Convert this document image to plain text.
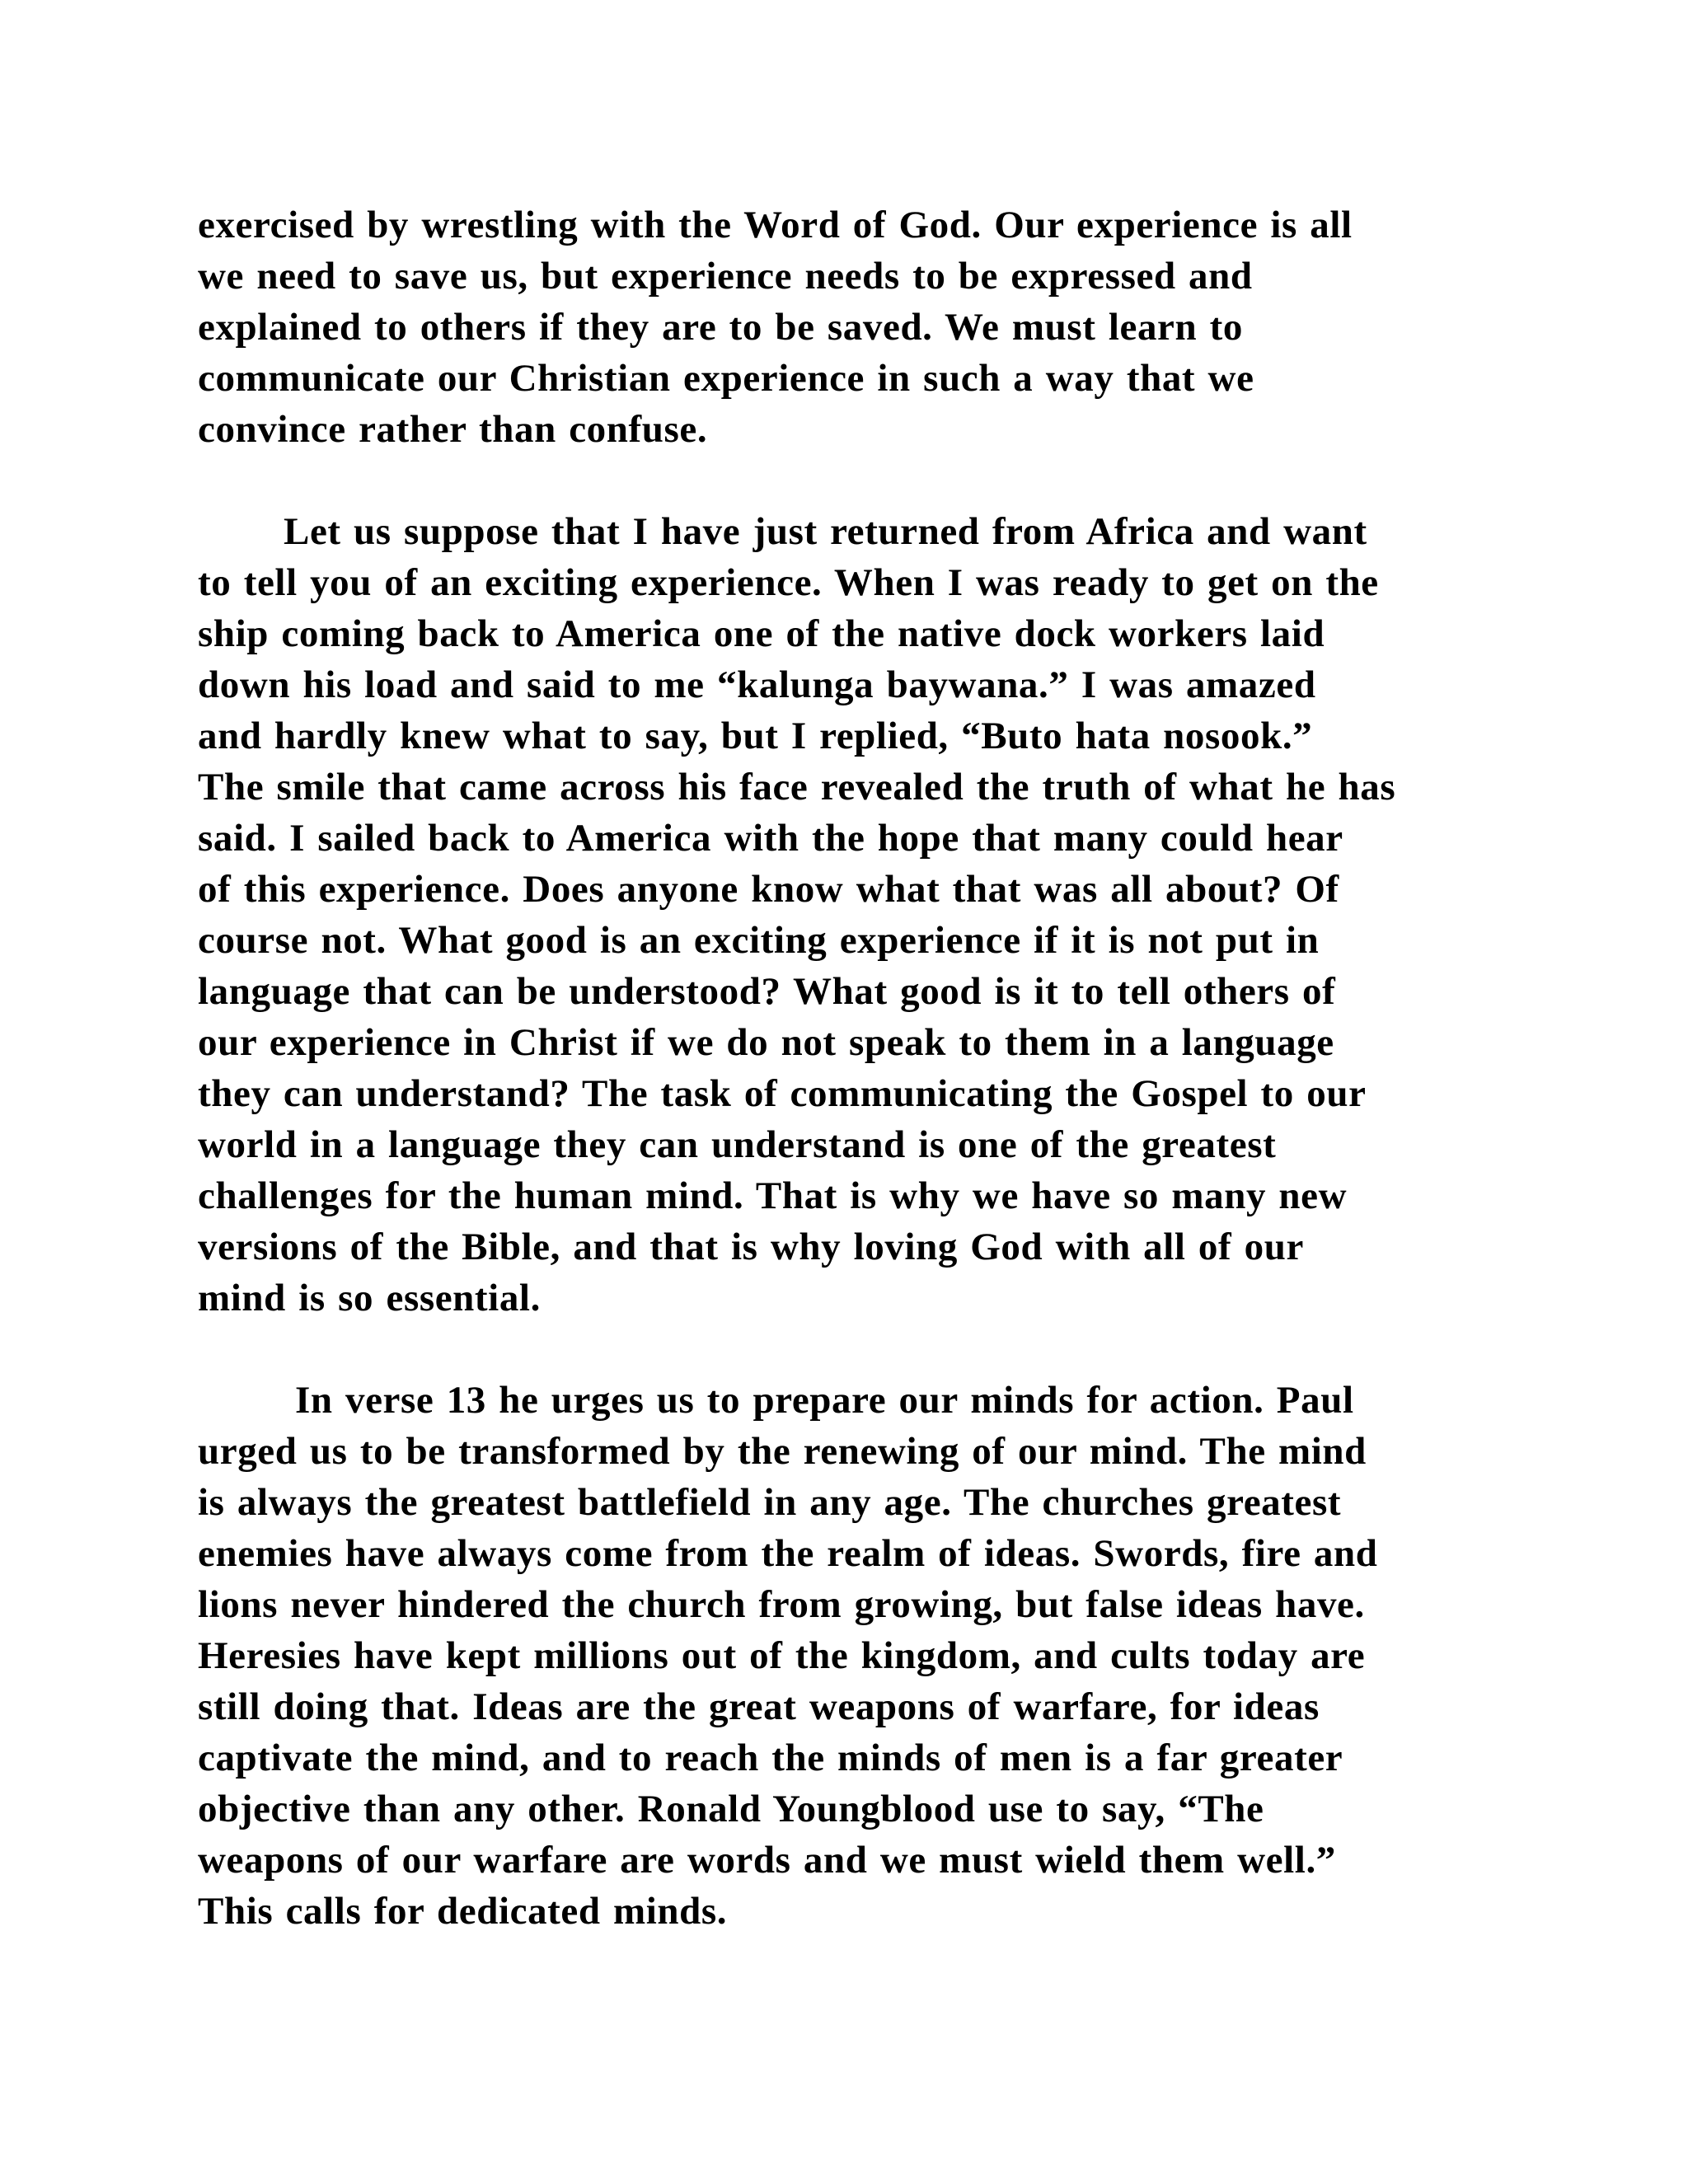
exercised by wrestling with the Word of God. Our experience is all
we need to save us, but experience needs to be expressed and
explained to others if they are to be saved. We must learn to
communicate our Christian experience in such a way that we
convince rather than confuse.

Let us suppose that I have just returned from Africa and want
to tell you of an exciting experience. When I was ready to get on the
ship coming back to America one of the native dock workers laid
down his load and said to me “kalunga baywana.” I was amazed
and hardly knew what to say, but I replied, “Buto hata nosook.”
The smile that came across his face revealed the truth of what he has
said. I sailed back to America with the hope that many could hear
of this experience. Does anyone know what that was all about? Of
course not. What good is an exciting experience if it is not put in
language that can be understood? What good is it to tell others of
our experience in Christ if we do not speak to them in a language
they can understand? The task of communicating the Gospel to our
world in a language they can understand is one of the greatest
challenges for the human mind. That is why we have so many new
versions of the Bible, and that is why loving God with all of our
mind is so essential.

In verse 13 he urges us to prepare our minds for action. Paul
urged us to be transformed by the renewing of our mind. The mind
is always the greatest battlefield in any age. The churches greatest
enemies have always come from the realm of ideas. Swords, fire and
lions never hindered the church from growing, but false ideas have.
Heresies have kept millions out of the kingdom, and cults today are
still doing that. Ideas are the great weapons of warfare, for ideas
captivate the mind, and to reach the minds of men is a far greater
objective than any other. Ronald Youngblood use to say, “The
weapons of our warfare are words and we must wield them well.”
This calls for dedicated minds.
